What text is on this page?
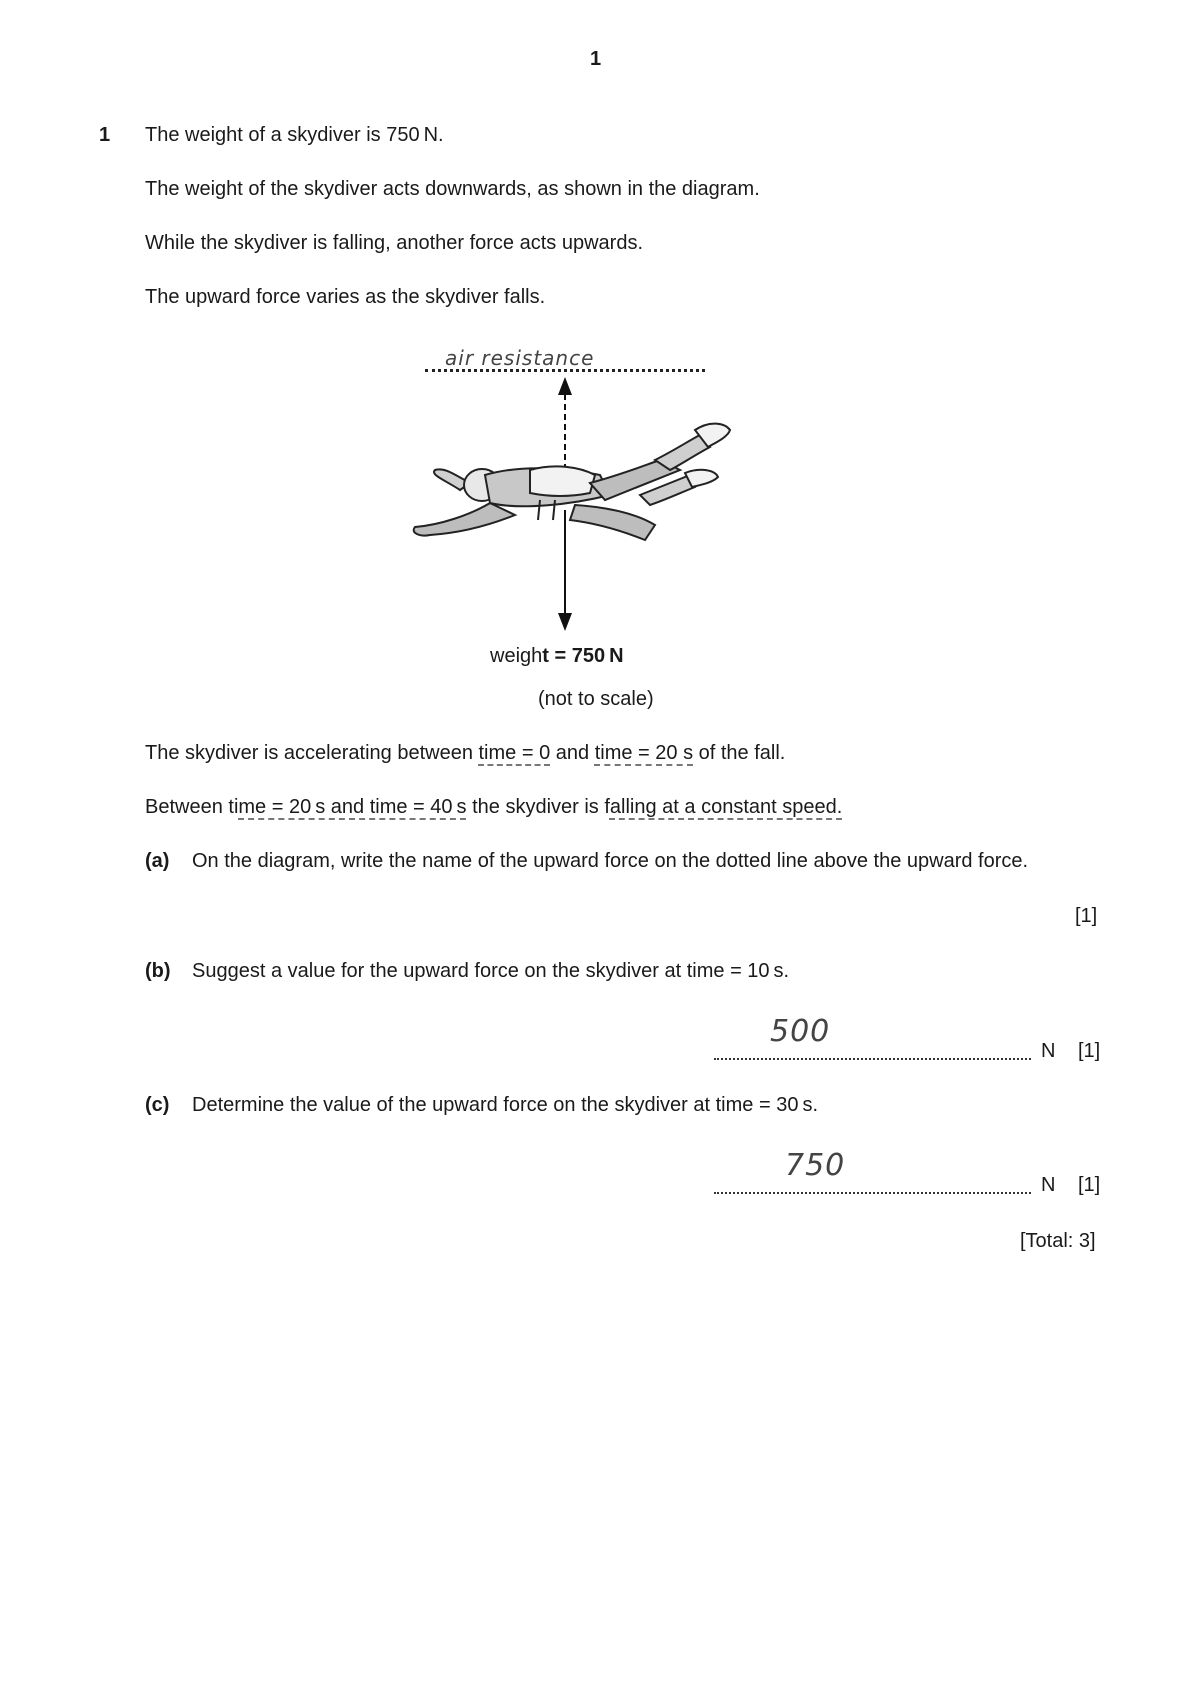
1
1 The weight of a skydiver is 750 N.
The weight of the skydiver acts downwards, as shown in the diagram.
While the skydiver is falling, another force acts upwards.
The upward force varies as the skydiver falls.
air resistance
weight = 750 N
(not to scale)
The skydiver is accelerating between time = 0 and time = 20 s of the fall.
Between time = 20 s and time = 40 s the skydiver is falling at a constant speed.
(a) On the diagram, write the name of the upward force on the dotted line above the upward force.
[1]
(b) Suggest a value for the upward force on the skydiver at time = 10 s.
500
N [1]
(c) Determine the value of the upward force on the skydiver at time = 30 s.
750
N [1]
[Total: 3]
